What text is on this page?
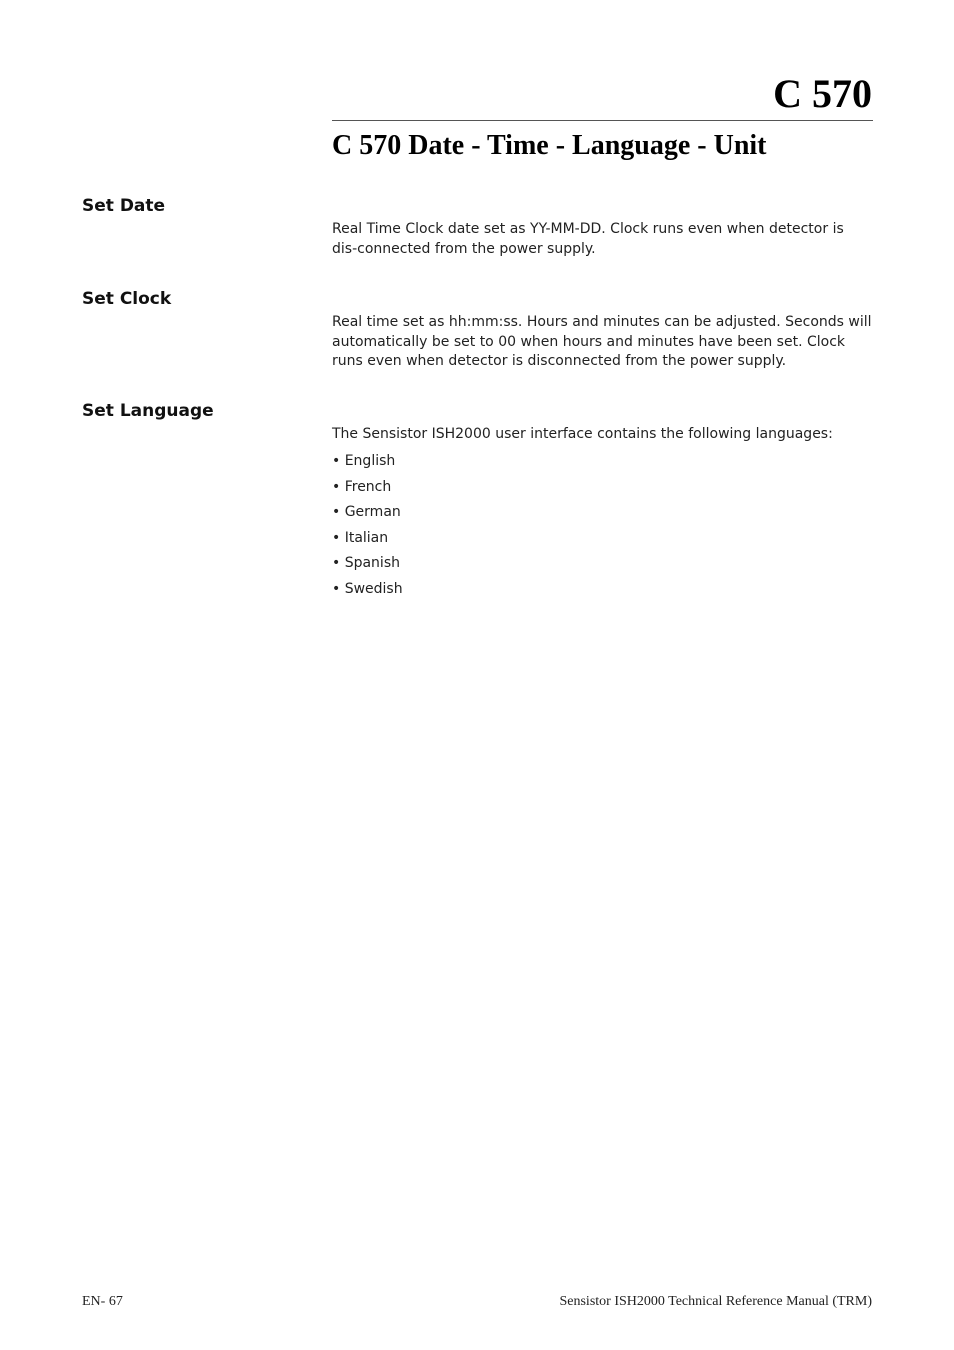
C 570
C 570 Date - Time - Language - Unit
Set Date

Real Time Clock date set as YY-MM-DD. Clock runs even when detector is dis-connected from the power supply.

Set Clock

Real time set as hh:mm:ss. Hours and minutes can be adjusted. Seconds will automatically be set to 00 when hours and minutes have been set. Clock runs even when detector is disconnected from the power supply.

Set Language

The Sensistor ISH2000 user interface contains the following languages:

• English
• French
• German
• Italian
• Spanish
• Swedish
EN- 67	Sensistor ISH2000 Technical Reference Manual (TRM)
